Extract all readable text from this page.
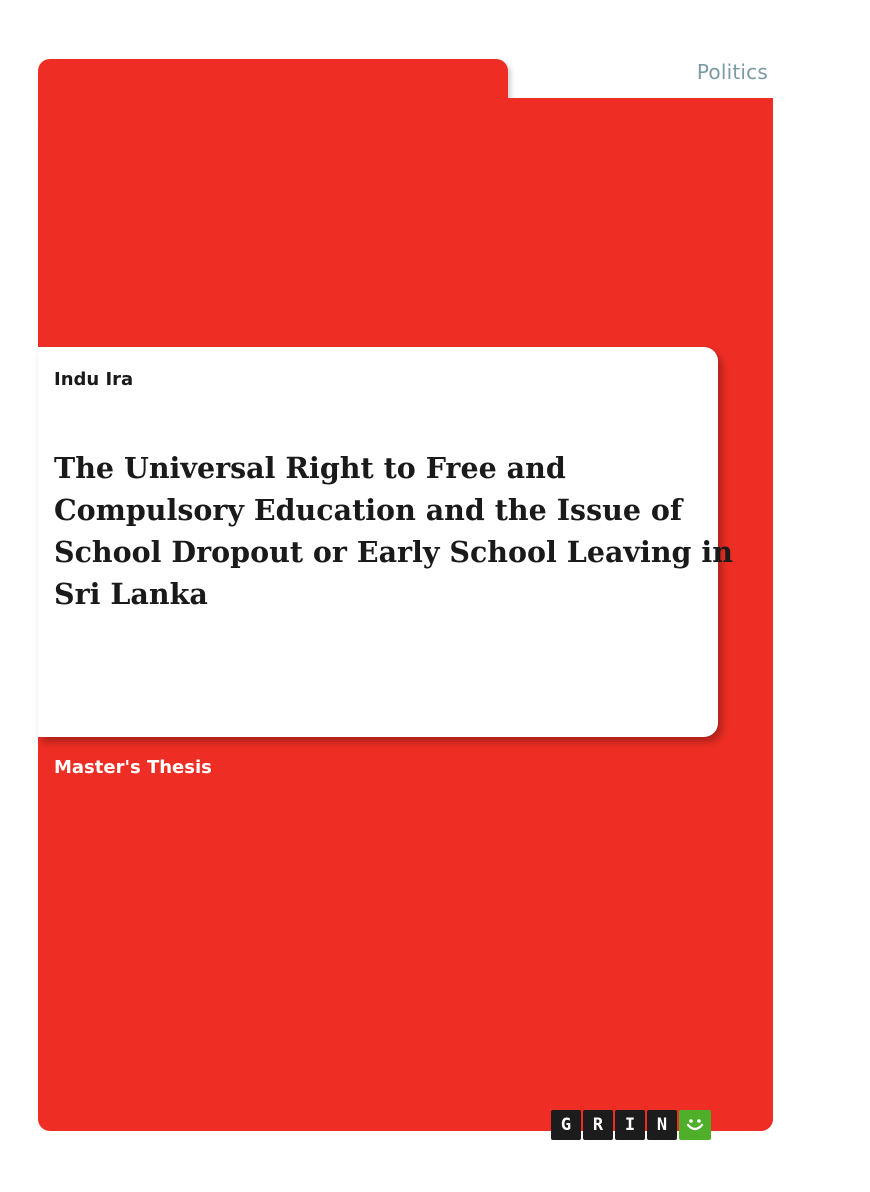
Politics
Indu Ira
The Universal Right to Free and
Compulsory Education and the Issue of
School Dropout or Early School Leaving in
Sri Lanka
Master's Thesis
G	R	I	N
